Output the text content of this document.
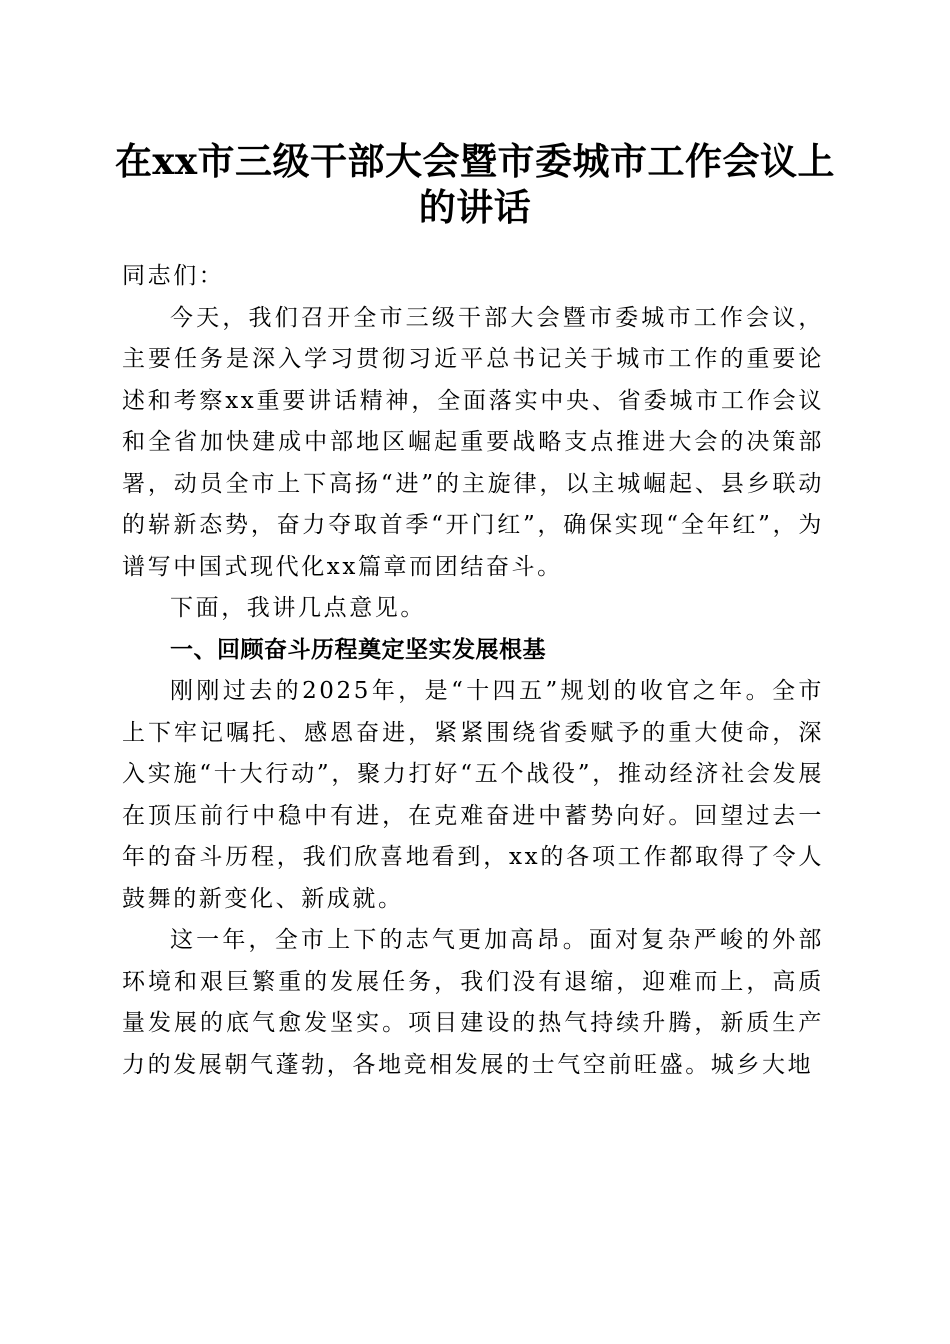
在xx市三级干部大会暨市委城市工作会议上
的讲话

同志们：

今天，我们召开全市三级干部大会暨市委城市工作会议，主要任务是深入学习贯彻习近平总书记关于城市工作的重要论述和考察xx重要讲话精神，全面落实中央、省委城市工作会议和全省加快建成中部地区崛起重要战略支点推进大会的决策部署，动员全市上下高扬“进”的主旋律，以主城崛起、县乡联动的崭新态势，奋力夺取首季“开门红”，确保实现“全年红”，为谱写中国式现代化xx篇章而团结奋斗。

下面，我讲几点意见。

一、回顾奋斗历程奠定坚实发展根基

刚刚过去的2025年，是“十四五”规划的收官之年。全市上下牢记嘱托、感恩奋进，紧紧围绕省委赋予的重大使命，深入实施“十大行动”，聚力打好“五个战役”，推动经济社会发展在顶压前行中稳中有进，在克难奋进中蓄势向好。回望过去一年的奋斗历程，我们欣喜地看到，xx的各项工作都取得了令人鼓舞的新变化、新成就。

这一年，全市上下的志气更加高昂。面对复杂严峻的外部环境和艰巨繁重的发展任务，我们没有退缩，迎难而上，高质量发展的底气愈发坚实。项目建设的热气持续升腾，新质生产力的发展朝气蓬勃，各地竞相发展的士气空前旺盛。城乡大地
